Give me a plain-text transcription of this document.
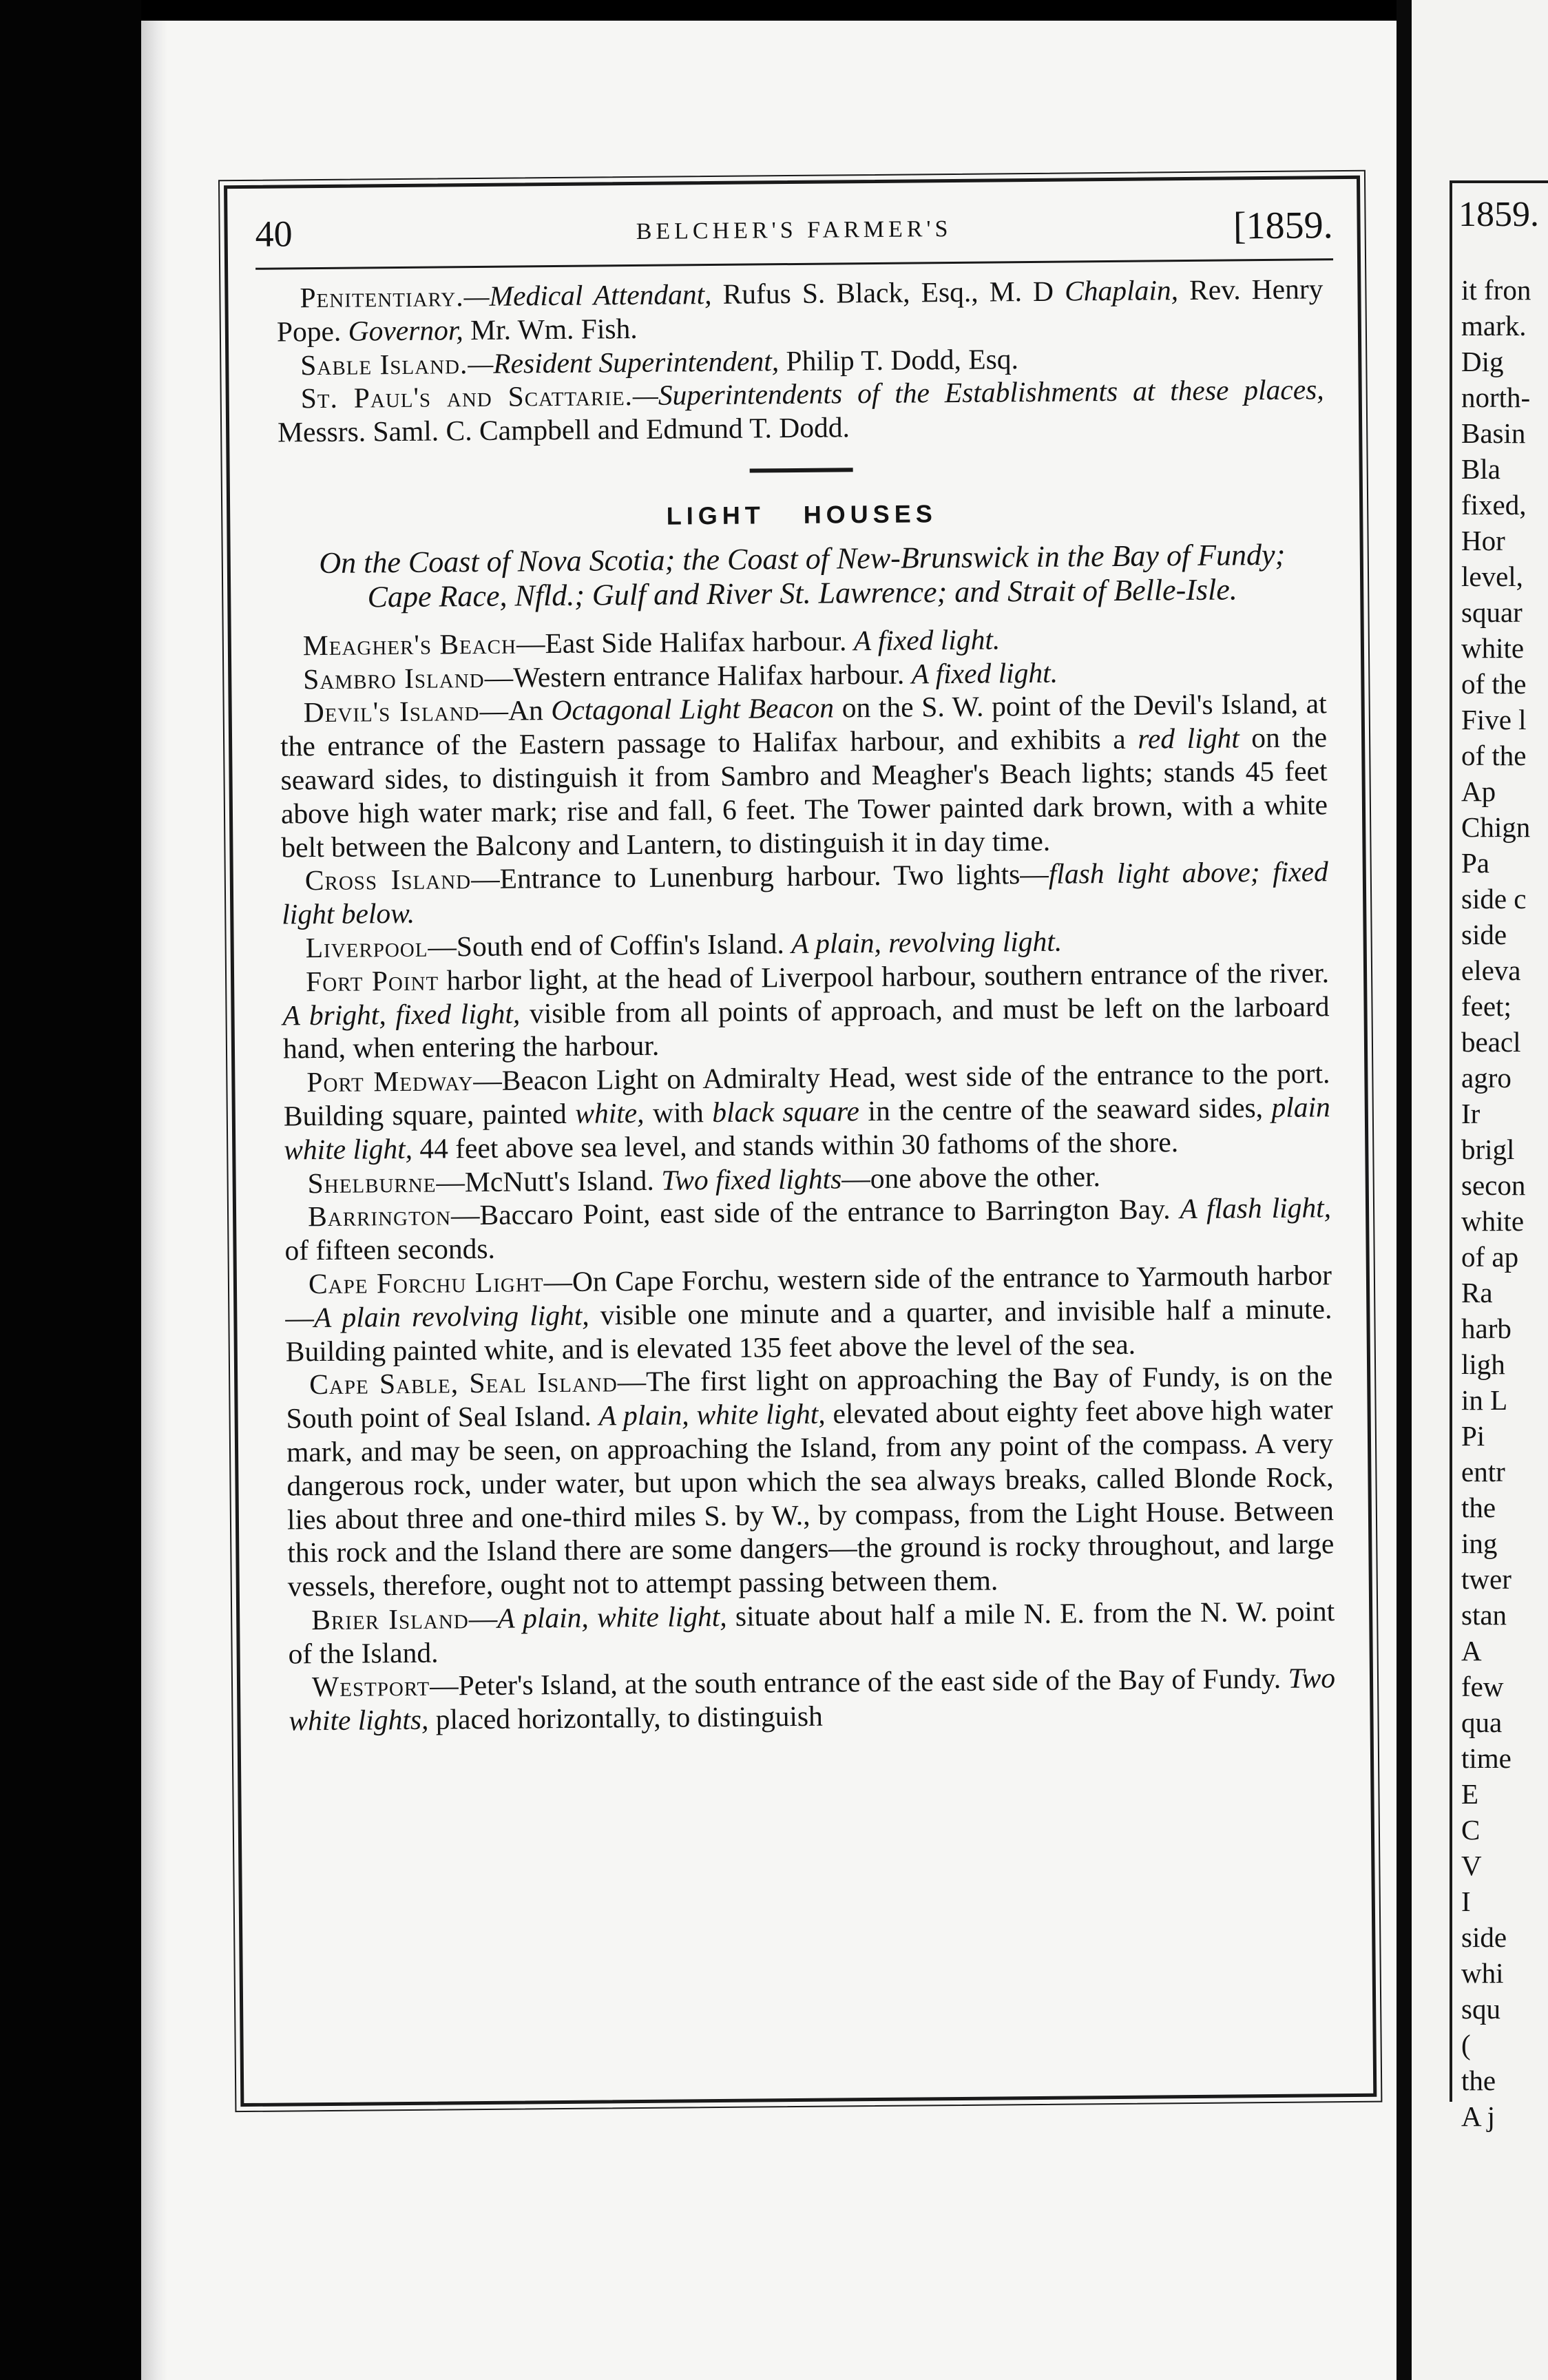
1859.
it fron
mark.
Dig
north-
Basin
Bla
fixed,
Hor
level,
squar
white
of the
Five l
of the
Ap
Chign
Pa
side c
side
eleva
feet;
beacl
agro
Ir
brigl
secon
white
of ap
Ra
harb
ligh
in L
Pi
entr
the
ing
twer
stan
A
few
qua
time
E
C
V
I
side
whi
squ
(
the
A j
40	BELCHER'S FARMER'S	[1859.

Penitentiary.—Medical Attendant, Rufus S. Black, Esq., M. D Chaplain, Rev. Henry Pope. Governor, Mr. Wm. Fish.

Sable Island.—Resident Superintendent, Philip T. Dodd, Esq.

St. Paul's and Scattarie.—Superintendents of the Establishments at these places, Messrs. Saml. C. Campbell and Edmund T. Dodd.

LIGHT HOUSES
On the Coast of Nova Scotia; the Coast of New-Brunswick in the Bay of Fundy; Cape Race, Nfld.; Gulf and River St. Lawrence; and Strait of Belle-Isle.

Meagher's Beach—East Side Halifax harbour. A fixed light.

Sambro Island—Western entrance Halifax harbour. A fixed light.

Devil's Island—An Octagonal Light Beacon on the S. W. point of the Devil's Island, at the entrance of the Eastern passage to Halifax harbour, and exhibits a red light on the seaward sides, to distinguish it from Sambro and Meagher's Beach lights; stands 45 feet above high water mark; rise and fall, 6 feet. The Tower painted dark brown, with a white belt between the Balcony and Lantern, to distinguish it in day time.

Cross Island—Entrance to Lunenburg harbour. Two lights—flash light above; fixed light below.

Liverpool—South end of Coffin's Island. A plain, revolving light.

Fort Point harbor light, at the head of Liverpool harbour, southern entrance of the river. A bright, fixed light, visible from all points of approach, and must be left on the larboard hand, when entering the harbour.

Port Medway—Beacon Light on Admiralty Head, west side of the entrance to the port. Building square, painted white, with black square in the centre of the seaward sides, plain white light, 44 feet above sea level, and stands within 30 fathoms of the shore.

Shelburne—McNutt's Island. Two fixed lights—one above the other.

Barrington—Baccaro Point, east side of the entrance to Barrington Bay. A flash light, of fifteen seconds.

Cape Forchu Light—On Cape Forchu, western side of the entrance to Yarmouth harbor—A plain revolving light, visible one minute and a quarter, and invisible half a minute. Building painted white, and is elevated 135 feet above the level of the sea.

Cape Sable, Seal Island—The first light on approaching the Bay of Fundy, is on the South point of Seal Island. A plain, white light, elevated about eighty feet above high water mark, and may be seen, on approaching the Island, from any point of the compass. A very dangerous rock, under water, but upon which the sea always breaks, called Blonde Rock, lies about three and one-third miles S. by W., by compass, from the Light House. Between this rock and the Island there are some dangers—the ground is rocky throughout, and large vessels, therefore, ought not to attempt passing between them.

Brier Island—A plain, white light, situate about half a mile N. E. from the N. W. point of the Island.

Westport—Peter's Island, at the south entrance of the east side of the Bay of Fundy. Two white lights, placed horizontally, to distinguish
